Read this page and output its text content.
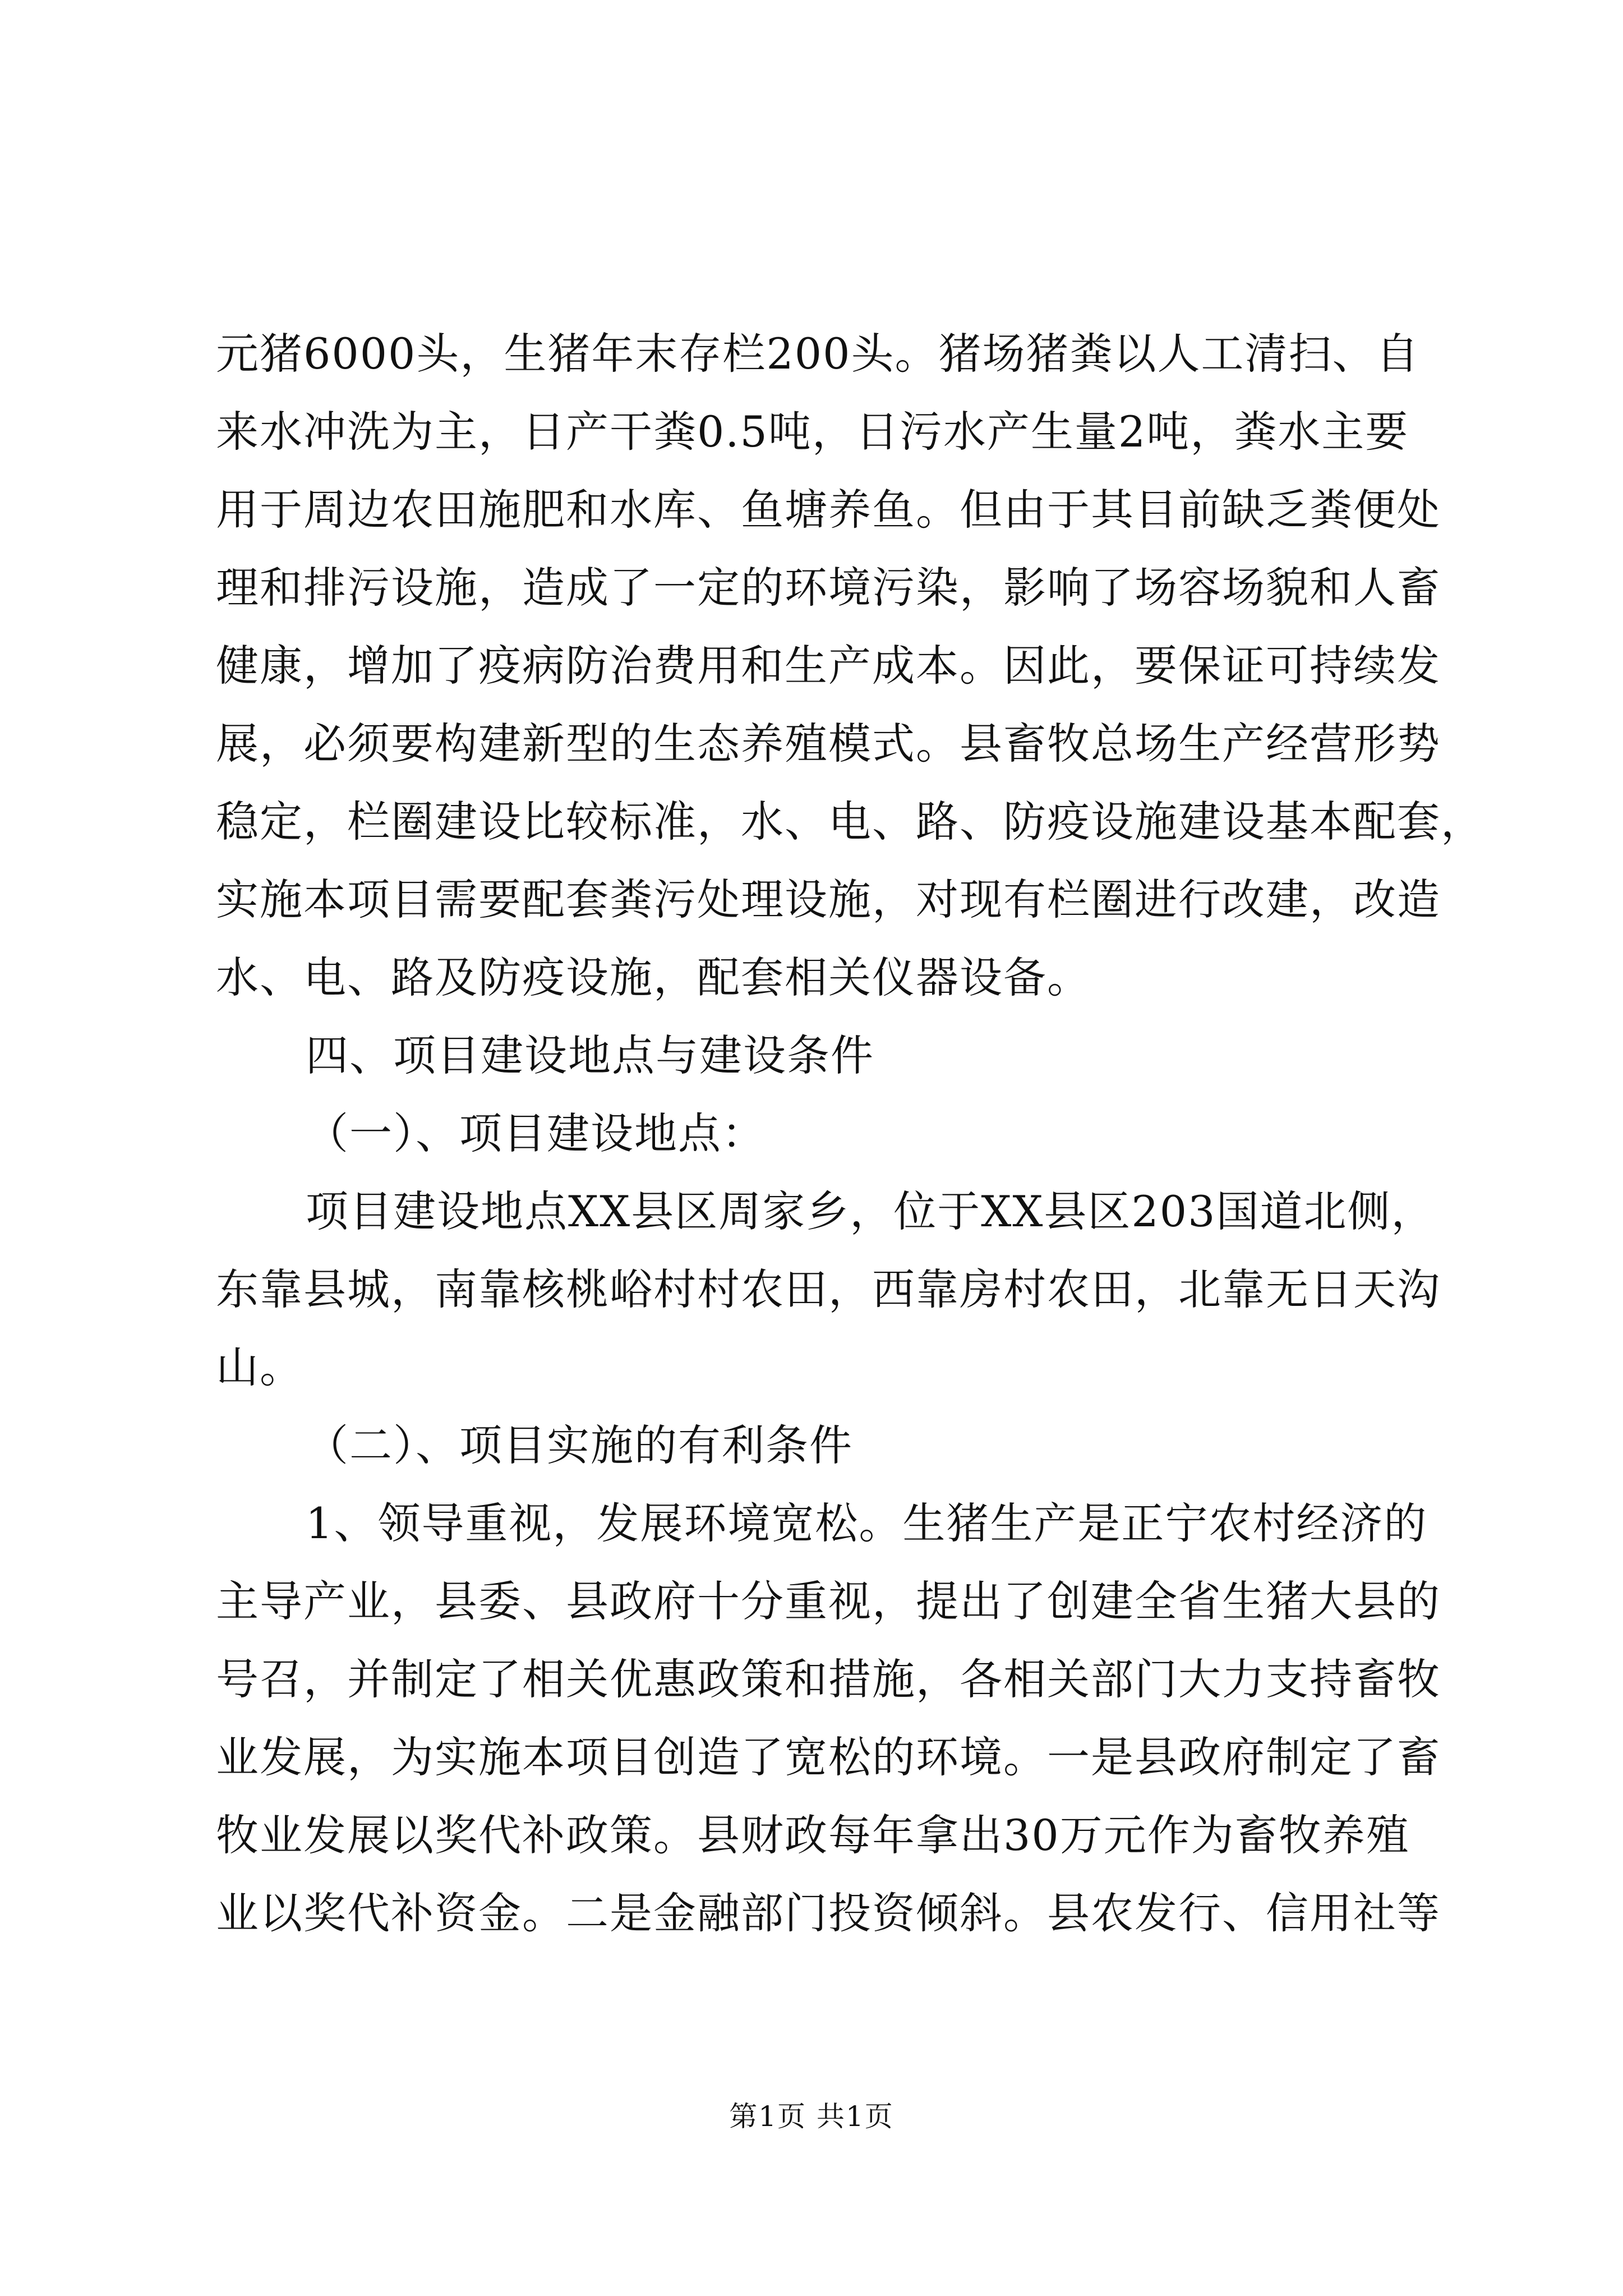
元猪6000头，生猪年末存栏200头。猪场猪粪以人工清扫、自
来水冲洗为主，日产干粪0.5吨，日污水产生量2吨，粪水主要
用于周边农田施肥和水库、鱼塘养鱼。但由于其目前缺乏粪便处
理和排污设施，造成了一定的环境污染，影响了场容场貌和人畜
健康，增加了疫病防治费用和生产成本。因此，要保证可持续发
展，必须要构建新型的生态养殖模式。县畜牧总场生产经营形势
稳定，栏圈建设比较标准，水、电、路、防疫设施建设基本配套，
实施本项目需要配套粪污处理设施，对现有栏圈进行改建，改造
水、电、路及防疫设施，配套相关仪器设备。
四、项目建设地点与建设条件
（一）、项目建设地点：
项目建设地点XX县区周家乡，位于XX县区203国道北侧，
东靠县城，南靠核桃峪村村农田，西靠房村农田，北靠无日天沟
山。
（二）、项目实施的有利条件
1、领导重视，发展环境宽松。生猪生产是正宁农村经济的
主导产业，县委、县政府十分重视，提出了创建全省生猪大县的
号召，并制定了相关优惠政策和措施，各相关部门大力支持畜牧
业发展，为实施本项目创造了宽松的环境。一是县政府制定了畜
牧业发展以奖代补政策。县财政每年拿出30万元作为畜牧养殖
业以奖代补资金。二是金融部门投资倾斜。县农发行、信用社等
第1页 共1页
